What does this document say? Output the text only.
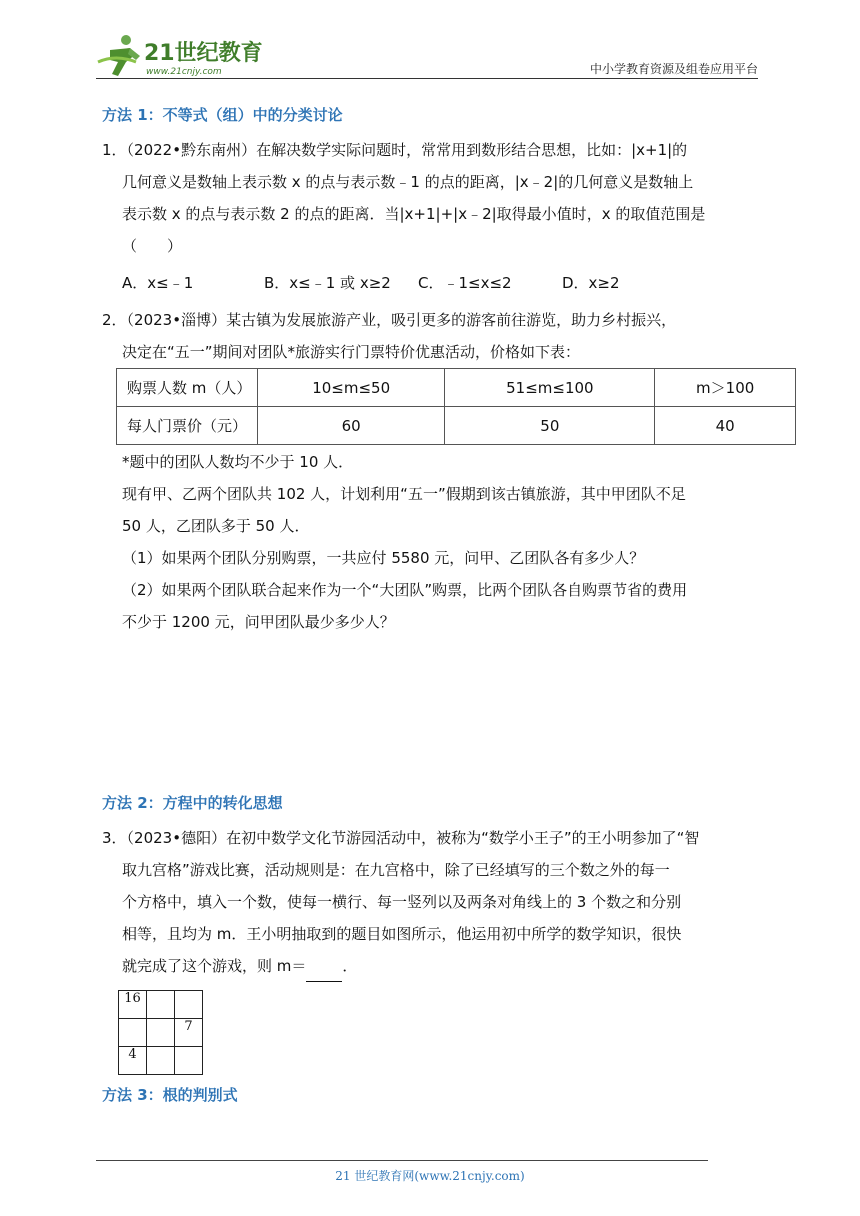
21世纪教育
www.21cnjy.com	中小学教育资源及组卷应用平台
方法 1：不等式（组）中的分类讨论

1．（2022•黔东南州）在解决数学实际问题时，常常用到数形结合思想，比如：|x+1|的

几何意义是数轴上表示数 x 的点与表示数﹣1 的点的距离，|x﹣2|的几何意义是数轴上

表示数 x 的点与表示数 2 的点的距离．当|x+1|+|x﹣2|取得最小值时，x 的取值范围是

（　　）

A．x≤﹣1	B．x≤﹣1 或 x≥2 C．﹣1≤x≤2	D．x≥2

2．（2023•淄博）某古镇为发展旅游产业，吸引更多的游客前往游览，助力乡村振兴，

决定在“五一”期间对团队*旅游实行门票特价优惠活动，价格如下表：

购票人数 m（人）	10≤m≤50	51≤m≤100	m＞100
每人门票价（元）	60	50	40

*题中的团队人数均不少于 10 人．

现有甲、乙两个团队共 102 人，计划利用“五一”假期到该古镇旅游，其中甲团队不足

50 人，乙团队多于 50 人．

（1）如果两个团队分别购票，一共应付 5580 元，问甲、乙团队各有多少人？

（2）如果两个团队联合起来作为一个“大团队”购票，比两个团队各自购票节省的费用

不少于 1200 元，问甲团队最少多少人？

方法 2：方程中的转化思想

3．（2023•德阳）在初中数学文化节游园活动中，被称为“数学小王子”的王小明参加了“智

取九宫格”游戏比赛，活动规则是：在九宫格中，除了已经填写的三个数之外的每一

个方格中，填入一个数，使每一横行、每一竖列以及两条对角线上的 3 个数之和分别

相等，且均为 m．王小明抽取到的题目如图所示，他运用初中所学的数学知识，很快

就完成了这个游戏，则 m＝ ．

16		
		7
4		
方法 3：根的判别式
21 世纪教育网(www.21cnjy.com)
